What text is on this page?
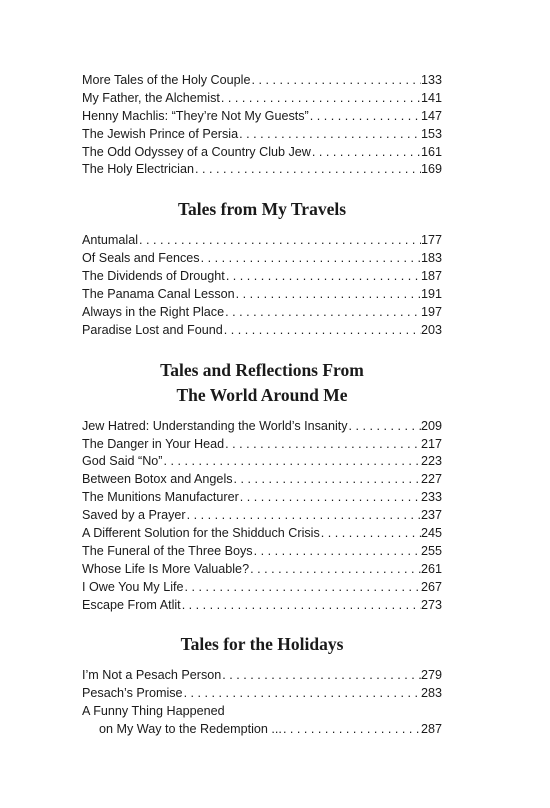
More Tales of the Holy Couple . . .	133
My Father, the Alchemist . . .	141
Henny Machlis: “They’re Not My Guests” . . .	147
The Jewish Prince of Persia . . .	153
The Odd Odyssey of a Country Club Jew . . .	161
The Holy Electrician . . .	169
Tales from My Travels
Antumalal . . .	177
Of Seals and Fences . . .	183
The Dividends of Drought . . .	187
The Panama Canal Lesson . . .	191
Always in the Right Place . . .	197
Paradise Lost and Found . . .	203
Tales and Reflections From
The World Around Me
Jew Hatred: Understanding the World’s Insanity . . .	209
The Danger in Your Head . . .	217
God Said “No” . . .	223
Between Botox and Angels . . .	227
The Munitions Manufacturer . . .	233
Saved by a Prayer . . .	237
A Different Solution for the Shidduch Crisis . . .	245
The Funeral of the Three Boys . . .	255
Whose Life Is More Valuable? . . .	261
I Owe You My Life . . .	267
Escape From Atlit . . .	273
Tales for the Holidays
I’m Not a Pesach Person . . .	279
Pesach’s Promise . . .	283
A Funny Thing Happened
on My Way to the Redemption ... . . .	287
